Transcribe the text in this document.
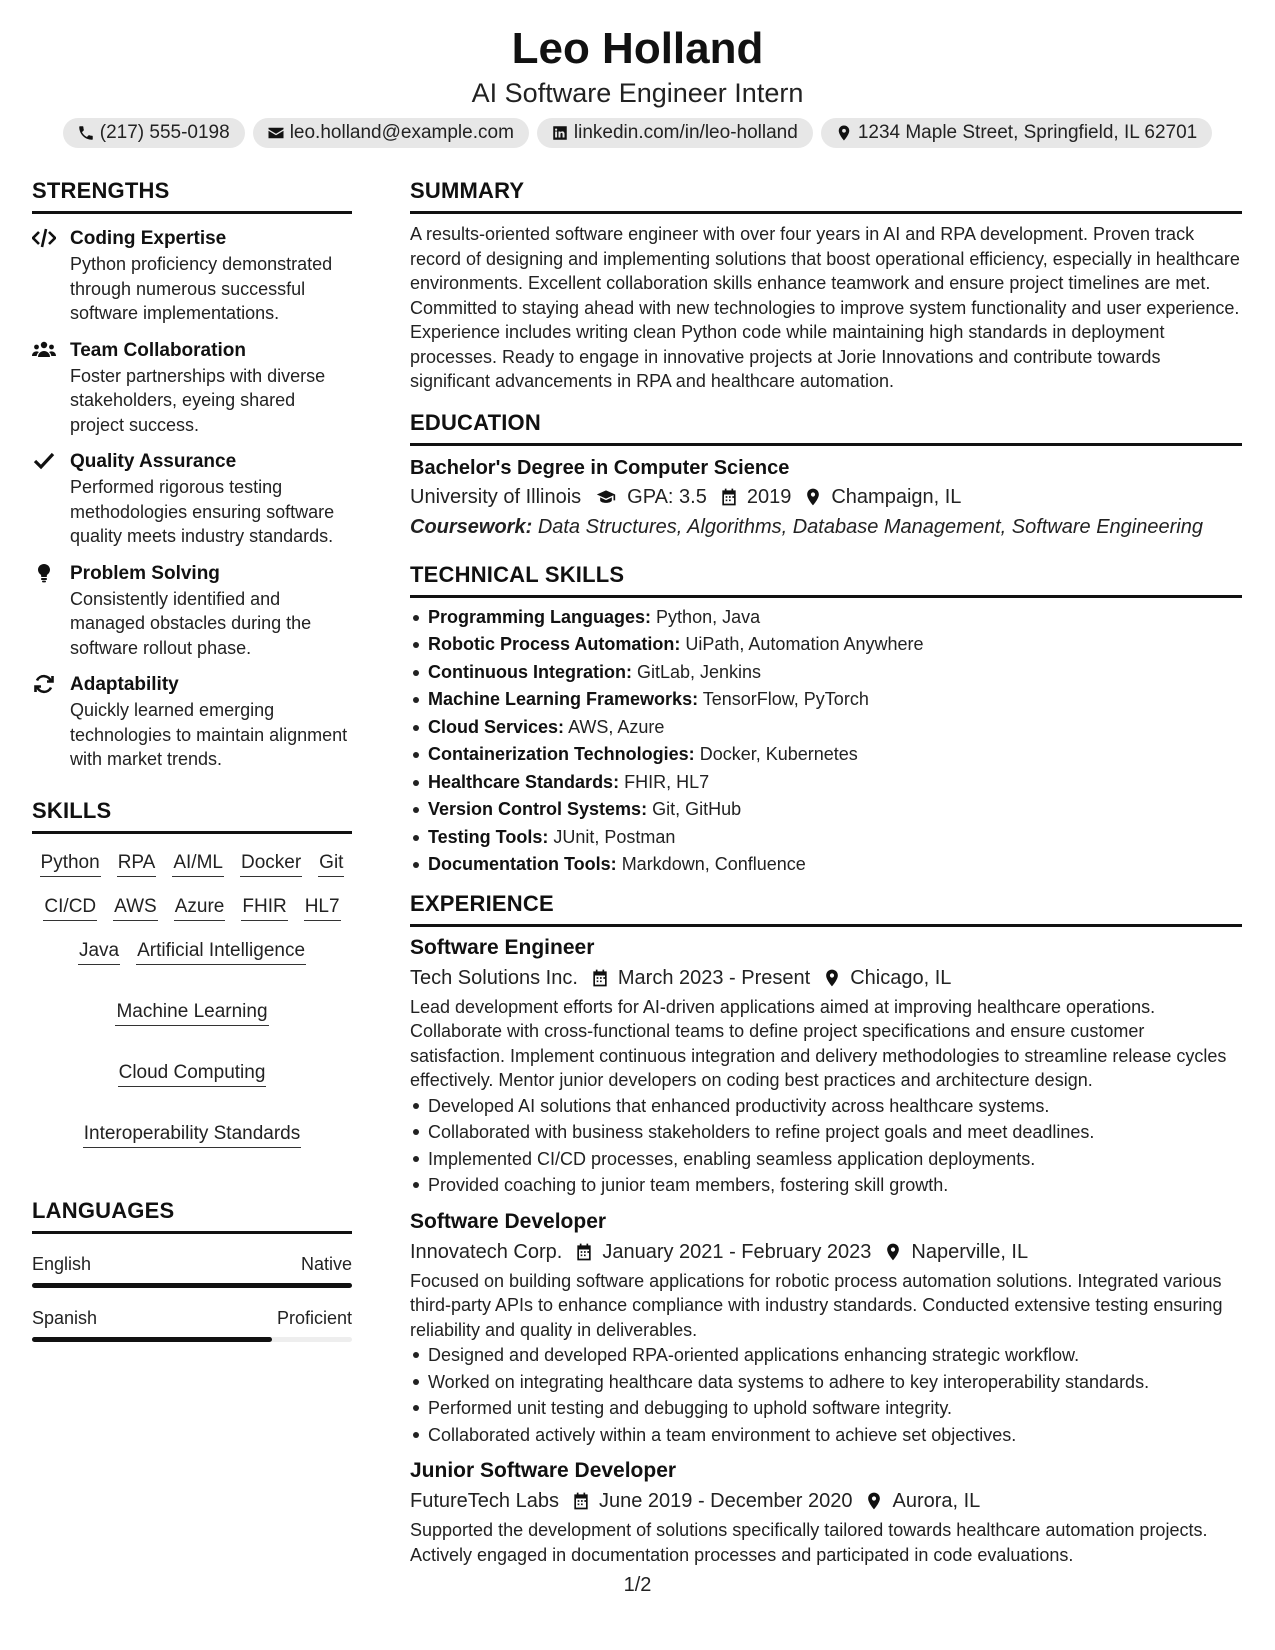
Leo Holland
AI Software Engineer Intern
(217) 555-0198	leo.holland@example.com	linkedin.com/in/leo-holland	1234 Maple Street, Springfield, IL 62701
STRENGTHS
Coding Expertise
Python proficiency demonstrated through numerous successful software implementations.
Team Collaboration
Foster partnerships with diverse stakeholders, eyeing shared project success.
Quality Assurance
Performed rigorous testing methodologies ensuring software quality meets industry standards.
Problem Solving
Consistently identified and managed obstacles during the software rollout phase.
Adaptability
Quickly learned emerging technologies to maintain alignment with market trends.
SKILLS
Python RPA AI/ML Docker Git
CI/CD AWS Azure FHIR HL7
Java Artificial Intelligence
Machine Learning
Cloud Computing
Interoperability Standards
LANGUAGES
English	Native
Spanish	Proficient
SUMMARY
A results-oriented software engineer with over four years in AI and RPA development. Proven track record of designing and implementing solutions that boost operational efficiency, especially in healthcare environments. Excellent collaboration skills enhance teamwork and ensure project timelines are met. Committed to staying ahead with new technologies to improve system functionality and user experience. Experience includes writing clean Python code while maintaining high standards in deployment processes. Ready to engage in innovative projects at Jorie Innovations and contribute towards significant advancements in RPA and healthcare automation.
EDUCATION
Bachelor's Degree in Computer Science
University of Illinois GPA: 3.5 2019 Champaign, IL
Coursework: Data Structures, Algorithms, Database Management, Software Engineering
TECHNICAL SKILLS
Programming Languages: Python, Java
Robotic Process Automation: UiPath, Automation Anywhere
Continuous Integration: GitLab, Jenkins
Machine Learning Frameworks: TensorFlow, PyTorch
Cloud Services: AWS, Azure
Containerization Technologies: Docker, Kubernetes
Healthcare Standards: FHIR, HL7
Version Control Systems: Git, GitHub
Testing Tools: JUnit, Postman
Documentation Tools: Markdown, Confluence
EXPERIENCE
Software Engineer
Tech Solutions Inc. March 2023 - Present Chicago, IL
Lead development efforts for AI-driven applications aimed at improving healthcare operations. Collaborate with cross-functional teams to define project specifications and ensure customer satisfaction. Implement continuous integration and delivery methodologies to streamline release cycles effectively. Mentor junior developers on coding best practices and architecture design.
Developed AI solutions that enhanced productivity across healthcare systems.
Collaborated with business stakeholders to refine project goals and meet deadlines.
Implemented CI/CD processes, enabling seamless application deployments.
Provided coaching to junior team members, fostering skill growth.
Software Developer
Innovatech Corp. January 2021 - February 2023 Naperville, IL
Focused on building software applications for robotic process automation solutions. Integrated various third-party APIs to enhance compliance with industry standards. Conducted extensive testing ensuring reliability and quality in deliverables.
Designed and developed RPA-oriented applications enhancing strategic workflow.
Worked on integrating healthcare data systems to adhere to key interoperability standards.
Performed unit testing and debugging to uphold software integrity.
Collaborated actively within a team environment to achieve set objectives.
Junior Software Developer
FutureTech Labs June 2019 - December 2020 Aurora, IL
Supported the development of solutions specifically tailored towards healthcare automation projects. Actively engaged in documentation processes and participated in code evaluations.
1/2
